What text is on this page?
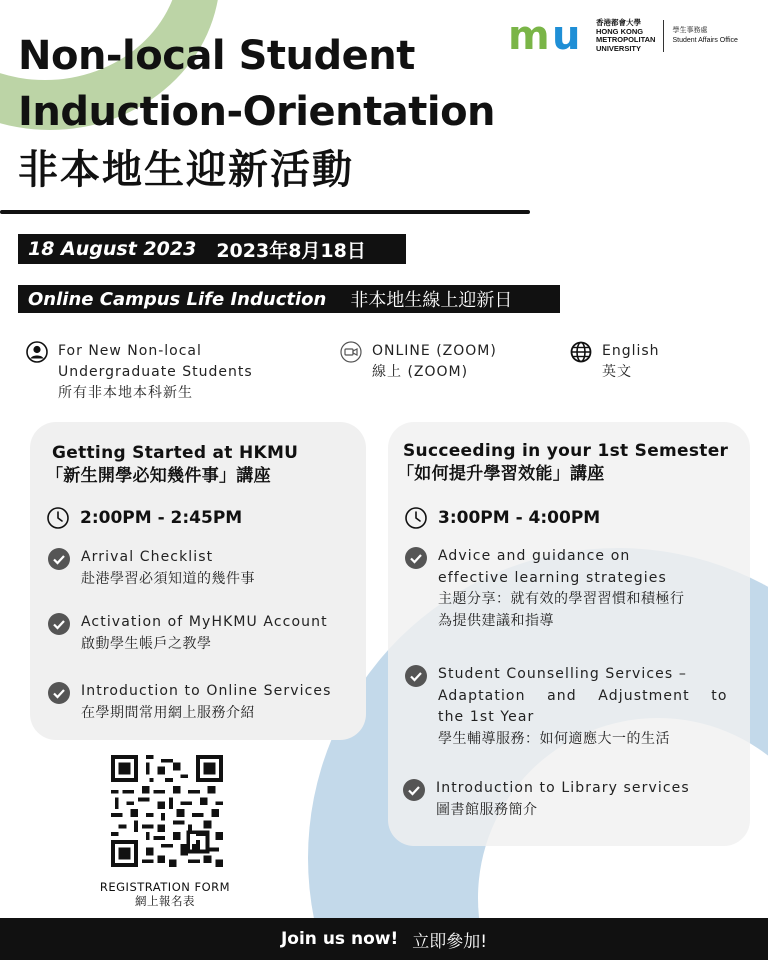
Non-local Student
Induction-Orientation
非本地生迎新活動
m u 香港都會大學
HONG KONG
METROPOLITAN
UNIVERSITY
學生事務處
Student Affairs Office
18 August 2023 2023年8月18日
Online Campus Life Induction 非本地生線上迎新日
For New Non-local
Undergraduate Students
所有非本地本科新生
ONLINE (ZOOM)
線上 (ZOOM)
English
英文
Getting Started at HKMU
「新生開學必知幾件事」講座
2:00PM - 2:45PM
Arrival Checklist
赴港學習必須知道的幾件事
Activation of MyHKMU Account
啟動學生帳戶之教學
Introduction to Online Services
在學期間常用網上服務介紹
Succeeding in your 1st Semester
「如何提升學習效能」講座
3:00PM - 4:00PM
Advice and guidance on
effective learning strategies
主題分享：就有效的學習習慣和積極行
為提供建議和指導
Student Counselling Services –
Adaptation and Adjustment to
the 1st Year
學生輔導服務：如何適應大一的生活
Introduction to Library services
圖書館服務簡介
REGISTRATION FORM
網上報名表
Join us now! 立即參加!
